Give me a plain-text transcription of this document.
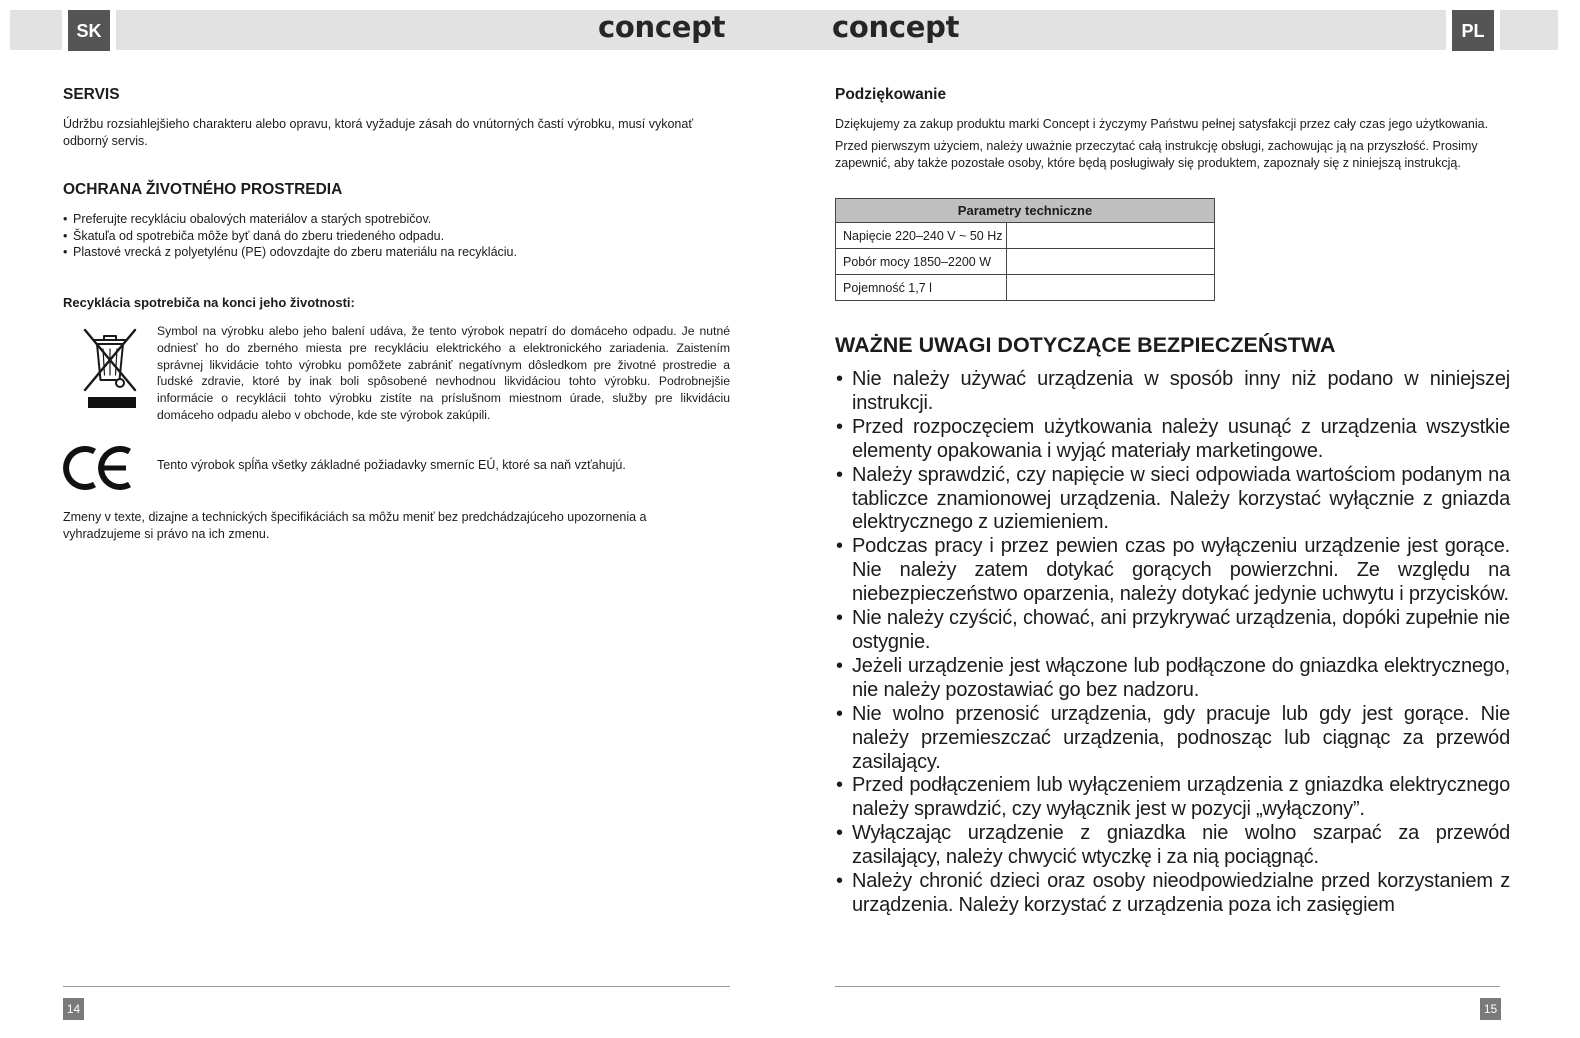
SK	concept	concept	PL
SERVIS

Údržbu rozsiahlejšieho charakteru alebo opravu, ktorá vyžaduje zásah do vnútorných častí výrobku, musí vykonať odborný servis.

OCHRANA ŽIVOTNÉHO PROSTREDIA
• Preferujte recykláciu obalových materiálov a starých spotrebičov.
• Škatuľa od spotrebiča môže byť daná do zberu triedeného odpadu.
• Plastové vrecká z polyetylénu (PE) odovzdajte do zberu materiálu na recykláciu.
Recyklácia spotrebiča na konci jeho životnosti:

Symbol na výrobku alebo jeho balení udáva, že tento výrobok nepatrí do domáceho odpadu. Je nutné odniesť ho do zberného miesta pre recykláciu elektrického a elektronického zariadenia. Zaistením správnej likvidácie tohto výrobku pomôžete zabrániť negatívnym dôsledkom pre životné prostredie a ľudské zdravie, ktoré by inak boli spôsobené nevhodnou likvidáciou tohto výrobku. Podrobnejšie informácie o recyklácii tohto výrobku zistíte na príslušnom miestnom úrade, služby pre likvidáciu domáceho odpadu alebo v obchode, kde ste výrobok zakúpili.

Tento výrobok spĺňa všetky základné požiadavky smerníc EÚ, ktoré sa naň vzťahujú.

Zmeny v texte, dizajne a technických špecifikáciách sa môžu meniť bez predchádzajúceho upozornenia a vyhradzujeme si právo na ich zmenu.

14
Podziękowanie

Dziękujemy za zakup produktu marki Concept i życzymy Państwu pełnej satysfakcji przez cały czas jego użytkowania.

Przed pierwszym użyciem, należy uważnie przeczytać całą instrukcję obsługi, zachowując ją na przyszłość. Prosimy zapewnić, aby także pozostałe osoby, które będą posługiwały się produktem, zapoznały się z niniejszą instrukcją.

Parametry techniczne	
Napięcie 220–240 V ~ 50 Hz	
Pobór mocy 1850–2200 W	
Pojemność 1,7 l	
WAŻNE UWAGI DOTYCZĄCE BEZPIECZEŃSTWA
• Nie należy używać urządzenia w sposób inny niż podano w niniejszej instrukcji.
• Przed rozpoczęciem użytkowania należy usunąć z urządzenia wszystkie elementy opakowania i wyjąć materiały marketingowe.
• Należy sprawdzić, czy napięcie w sieci odpowiada wartościom podanym na tabliczce znamionowej urządzenia. Należy korzystać wyłącznie z gniazda elektrycznego z uziemieniem.
• Podczas pracy i przez pewien czas po wyłączeniu urządzenie jest gorące. Nie należy zatem dotykać gorących powierzchni. Ze względu na niebezpieczeństwo oparzenia, należy dotykać jedynie uchwytu i przycisków.
• Nie należy czyścić, chować, ani przykrywać urządzenia, dopóki zupełnie nie ostygnie.
• Jeżeli urządzenie jest włączone lub podłączone do gniazdka elektrycznego, nie należy pozostawiać go bez nadzoru.
• Nie wolno przenosić urządzenia, gdy pracuje lub gdy jest gorące. Nie należy przemieszczać urządzenia, podnosząc lub ciągnąc za przewód zasilający.
• Przed podłączeniem lub wyłączeniem urządzenia z gniazdka elektrycznego należy sprawdzić, czy wyłącznik jest w pozycji „wyłączony”.
• Wyłączając urządzenie z gniazdka nie wolno szarpać za przewód zasilający, należy chwycić wtyczkę i za nią pociągnąć.
• Należy chronić dzieci oraz osoby nieodpowiedzialne przed korzystaniem z urządzenia. Należy korzystać z urządzenia poza ich zasięgiem
15
